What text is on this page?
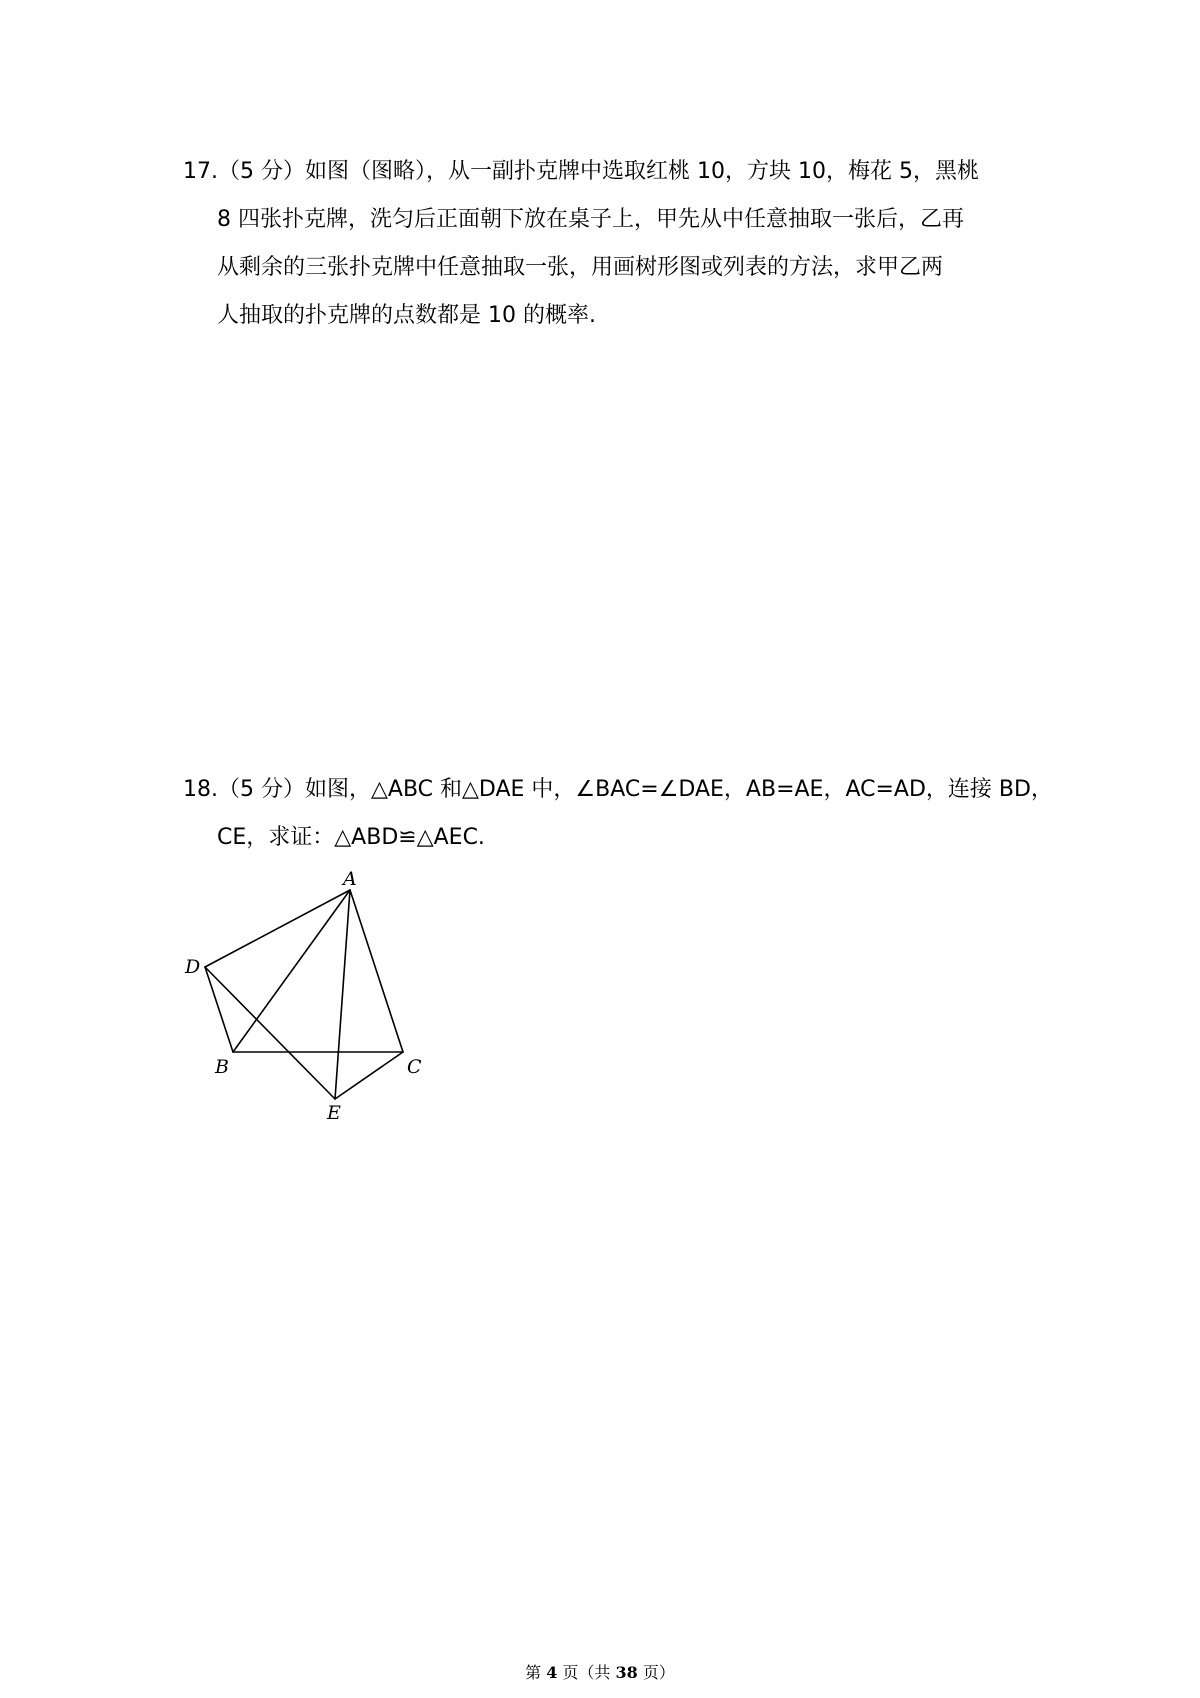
17.（5 分）如图（图略），从一副扑克牌中选取红桃 10，方块 10，梅花 5，黑桃
8 四张扑克牌，洗匀后正面朝下放在桌子上，甲先从中任意抽取一张后，乙再
从剩余的三张扑克牌中任意抽取一张，用画树形图或列表的方法，求甲乙两
人抽取的扑克牌的点数都是 10 的概率.
18.（5 分）如图，△ABC 和△DAE 中，∠BAC=∠DAE，AB=AE，AC=AD，连接 BD，
CE，求证：△ABD≌△AEC.
A
D
B	C
E
第 4 页（共 38 页）
